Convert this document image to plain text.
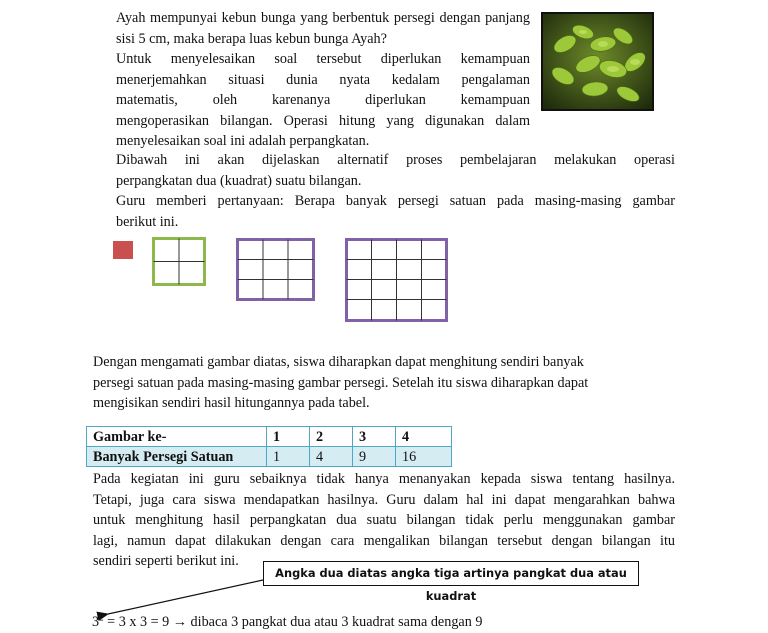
Ayah mempunyai kebun bunga yang berbentuk persegi dengan panjang sisi 5 cm, maka berapa luas kebun bunga Ayah?

Untuk menyelesaikan soal tersebut diperlukan kemampuan

menerjemahkan situasi dunia nyata kedalam pengalaman

matematis, oleh karenanya diperlukan kemampuan

mengoperasikan bilangan. Operasi hitung yang digunakan dalam

menyelesaikan soal ini adalah perpangkatan.

Dibawah ini akan dijelaskan alternatif proses pembelajaran melakukan operasi

perpangkatan dua (kuadrat) suatu bilangan.

Guru memberi pertanyaan: Berapa banyak persegi satuan pada masing-masing gambar

berikut ini.

Dengan mengamati gambar diatas, siswa diharapkan dapat menghitung sendiri banyak

persegi satuan pada masing-masing gambar persegi. Setelah itu siswa diharapkan dapat

mengisikan sendiri hasil hitungannya pada tabel.

Gambar ke-	1	2	3	4
Banyak Persegi Satuan	1	4	9	16

Pada kegiatan ini guru sebaiknya tidak hanya menanyakan kepada siswa tentang hasilnya.

Tetapi, juga cara siswa mendapatkan hasilnya. Guru dalam hal ini dapat mengarahkan bahwa

untuk menghitung hasil perpangkatan dua suatu bilangan tidak perlu menggunakan gambar

lagi, namun dapat dilakukan dengan cara mengalikan bilangan tersebut dengan bilangan itu

sendiri seperti berikut ini.

Angka dua diatas angka tiga artinya pangkat dua atau kuadrat
$3^2 = 3$ x 3 = 9 → dibaca 3 pangkat dua atau 3 kuadrat sama dengan 9
